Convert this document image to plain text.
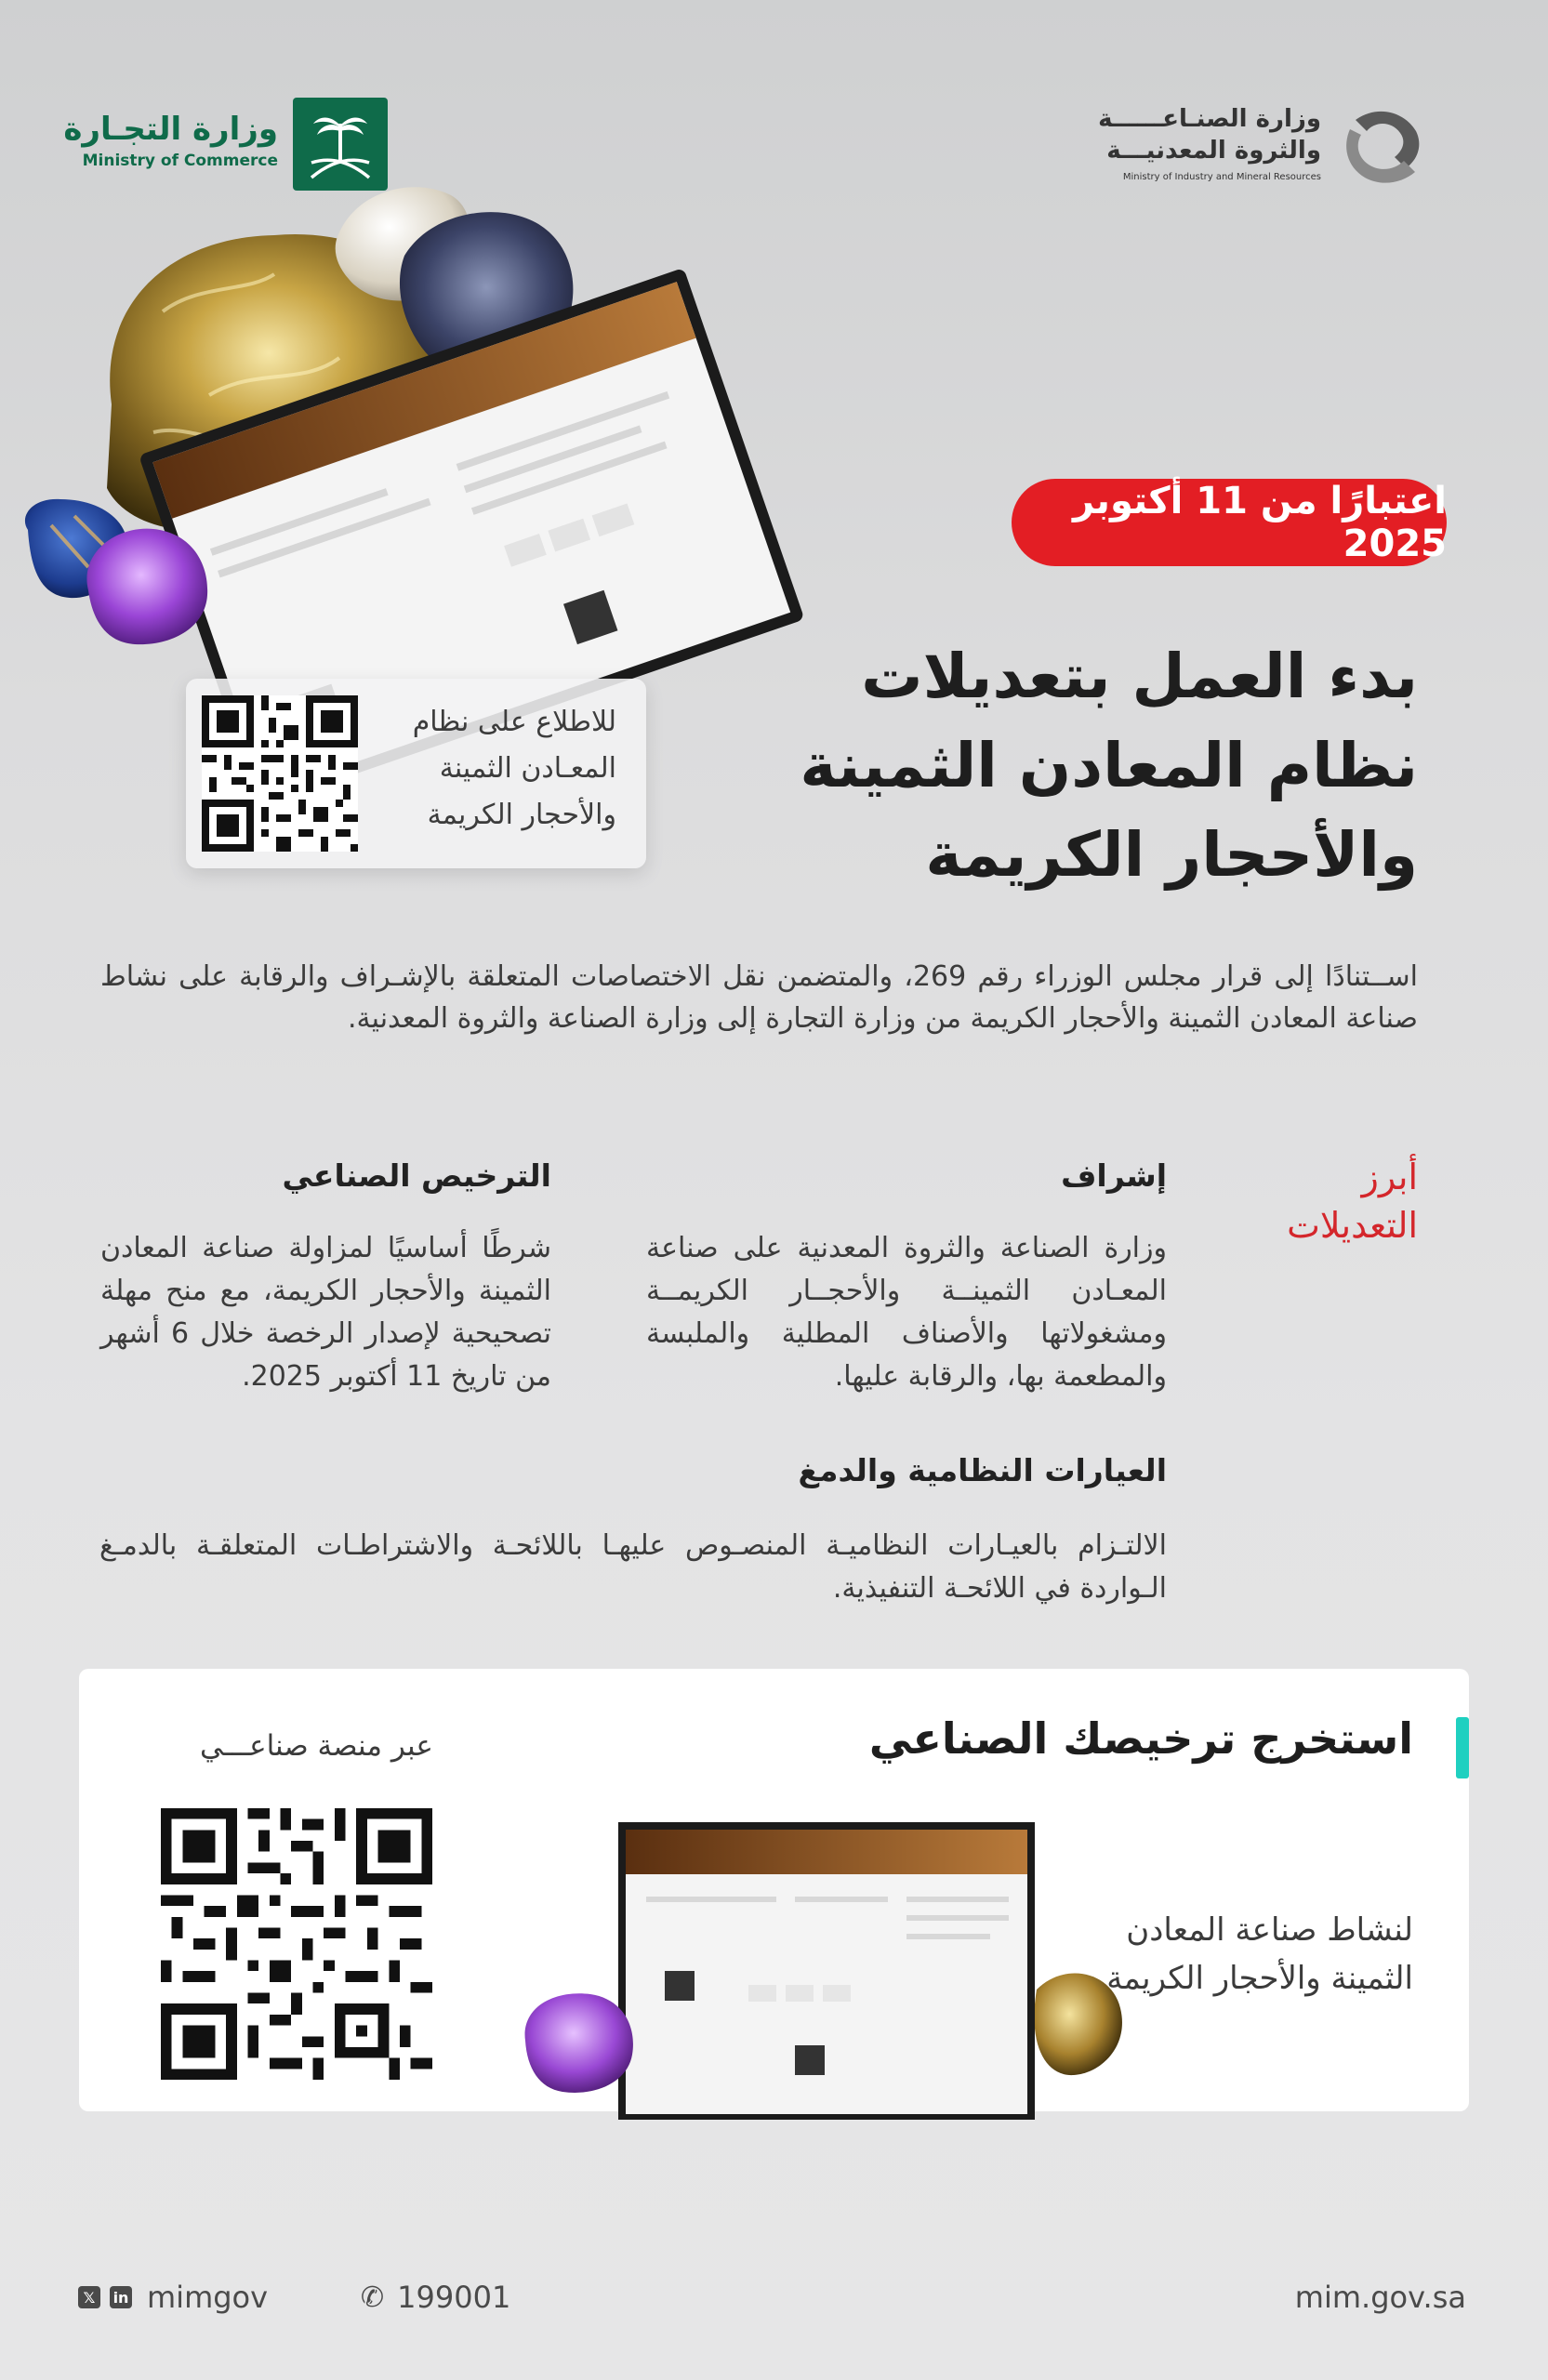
وزارة التجـارة
Ministry of Commerce
وزارة الصنـاعــــــة
والثروة المعدنيـــة
Ministry of Industry and Mineral Resources
للاطلاع على نظام المعـادن الثمينة والأحجار الكريمة
اعتبارًا من 11 أكتوبر 2025
بدء العمل بتعديلات نظام المعادن الثمينة والأحجار الكريمة

اســتنادًا إلى قرار مجلس الوزراء رقم 269، والمتضمن نقل الاختصاصات المتعلقة بالإشـراف والرقابة على نشاط صناعة المعادن الثمينة والأحجار الكريمة من وزارة التجارة إلى وزارة الصناعة والثروة المعدنية.

أبرز التعديلات
إشراف

وزارة الصناعة والثروة المعدنية على صناعة المعـادن الثمينــة والأحجــار الكريمــة ومشغولاتها والأصناف المطلية والملبسة والمطعمة بها، والرقابة عليها.

الترخيص الصناعي

شرطًا أساسيًا لمزاولة صناعة المعادن الثمينة والأحجار الكريمة، مع منح مهلة تصحيحية لإصدار الرخصة خلال 6 أشهر من تاريخ 11 أكتوبر 2025.

العيارات النظامية والدمغ

الالتـزام بالعيـارات النظاميـة المنصـوص عليهـا باللائحـة والاشتراطـات المتعلقـة بالدمـغ الـواردة في اللائحـة التنفيذية.

استخرج ترخيصك الصناعي
لنشاط صناعة المعادن الثمينة والأحجار الكريمة
عبر منصة صناعـــي
𝕏	in mimgov	✆ 199001	mim.gov.sa
